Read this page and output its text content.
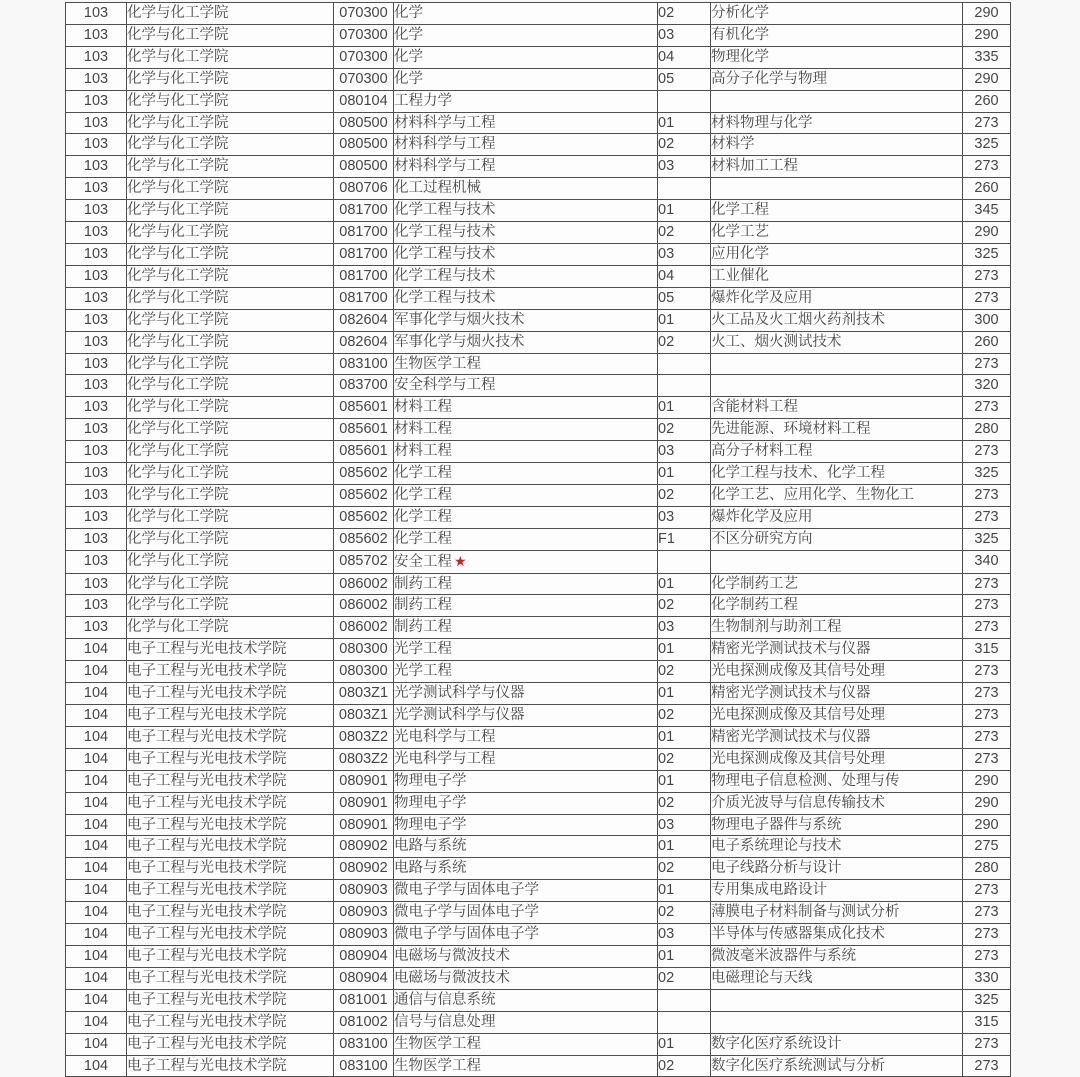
103	化学与化工学院	070300	化学	02	分析化学	290
103	化学与化工学院	070300	化学	03	有机化学	290
103	化学与化工学院	070300	化学	04	物理化学	335
103	化学与化工学院	070300	化学	05	高分子化学与物理	290
103	化学与化工学院	080104	工程力学			260
103	化学与化工学院	080500	材料科学与工程	01	材料物理与化学	273
103	化学与化工学院	080500	材料科学与工程	02	材料学	325
103	化学与化工学院	080500	材料科学与工程	03	材料加工工程	273
103	化学与化工学院	080706	化工过程机械			260
103	化学与化工学院	081700	化学工程与技术	01	化学工程	345
103	化学与化工学院	081700	化学工程与技术	02	化学工艺	290
103	化学与化工学院	081700	化学工程与技术	03	应用化学	325
103	化学与化工学院	081700	化学工程与技术	04	工业催化	273
103	化学与化工学院	081700	化学工程与技术	05	爆炸化学及应用	273
103	化学与化工学院	082604	军事化学与烟火技术	01	火工品及火工烟火药剂技术	300
103	化学与化工学院	082604	军事化学与烟火技术	02	火工、烟火测试技术	260
103	化学与化工学院	083100	生物医学工程			273
103	化学与化工学院	083700	安全科学与工程			320
103	化学与化工学院	085601	材料工程	01	含能材料工程	273
103	化学与化工学院	085601	材料工程	02	先进能源、环境材料工程	280
103	化学与化工学院	085601	材料工程	03	高分子材料工程	273
103	化学与化工学院	085602	化学工程	01	化学工程与技术、化学工程	325
103	化学与化工学院	085602	化学工程	02	化学工艺、应用化学、生物化工	273
103	化学与化工学院	085602	化学工程	03	爆炸化学及应用	273
103	化学与化工学院	085602	化学工程	F1	不区分研究方向	325
103	化学与化工学院	085702	安全工程 ★			340
103	化学与化工学院	086002	制药工程	01	化学制药工艺	273
103	化学与化工学院	086002	制药工程	02	化学制药工程	273
103	化学与化工学院	086002	制药工程	03	生物制剂与助剂工程	273
104	电子工程与光电技术学院	080300	光学工程	01	精密光学测试技术与仪器	315
104	电子工程与光电技术学院	080300	光学工程	02	光电探测成像及其信号处理	273
104	电子工程与光电技术学院	0803Z1	光学测试科学与仪器	01	精密光学测试技术与仪器	273
104	电子工程与光电技术学院	0803Z1	光学测试科学与仪器	02	光电探测成像及其信号处理	273
104	电子工程与光电技术学院	0803Z2	光电科学与工程	01	精密光学测试技术与仪器	273
104	电子工程与光电技术学院	0803Z2	光电科学与工程	02	光电探测成像及其信号处理	273
104	电子工程与光电技术学院	080901	物理电子学	01	物理电子信息检测、处理与传	290
104	电子工程与光电技术学院	080901	物理电子学	02	介质光波导与信息传输技术	290
104	电子工程与光电技术学院	080901	物理电子学	03	物理电子器件与系统	290
104	电子工程与光电技术学院	080902	电路与系统	01	电子系统理论与技术	275
104	电子工程与光电技术学院	080902	电路与系统	02	电子线路分析与设计	280
104	电子工程与光电技术学院	080903	微电子学与固体电子学	01	专用集成电路设计	273
104	电子工程与光电技术学院	080903	微电子学与固体电子学	02	薄膜电子材料制备与测试分析	273
104	电子工程与光电技术学院	080903	微电子学与固体电子学	03	半导体与传感器集成化技术	273
104	电子工程与光电技术学院	080904	电磁场与微波技术	01	微波毫米波器件与系统	273
104	电子工程与光电技术学院	080904	电磁场与微波技术	02	电磁理论与天线	330
104	电子工程与光电技术学院	081001	通信与信息系统			325
104	电子工程与光电技术学院	081002	信号与信息处理			315
104	电子工程与光电技术学院	083100	生物医学工程	01	数字化医疗系统设计	273
104	电子工程与光电技术学院	083100	生物医学工程	02	数字化医疗系统测试与分析	273
